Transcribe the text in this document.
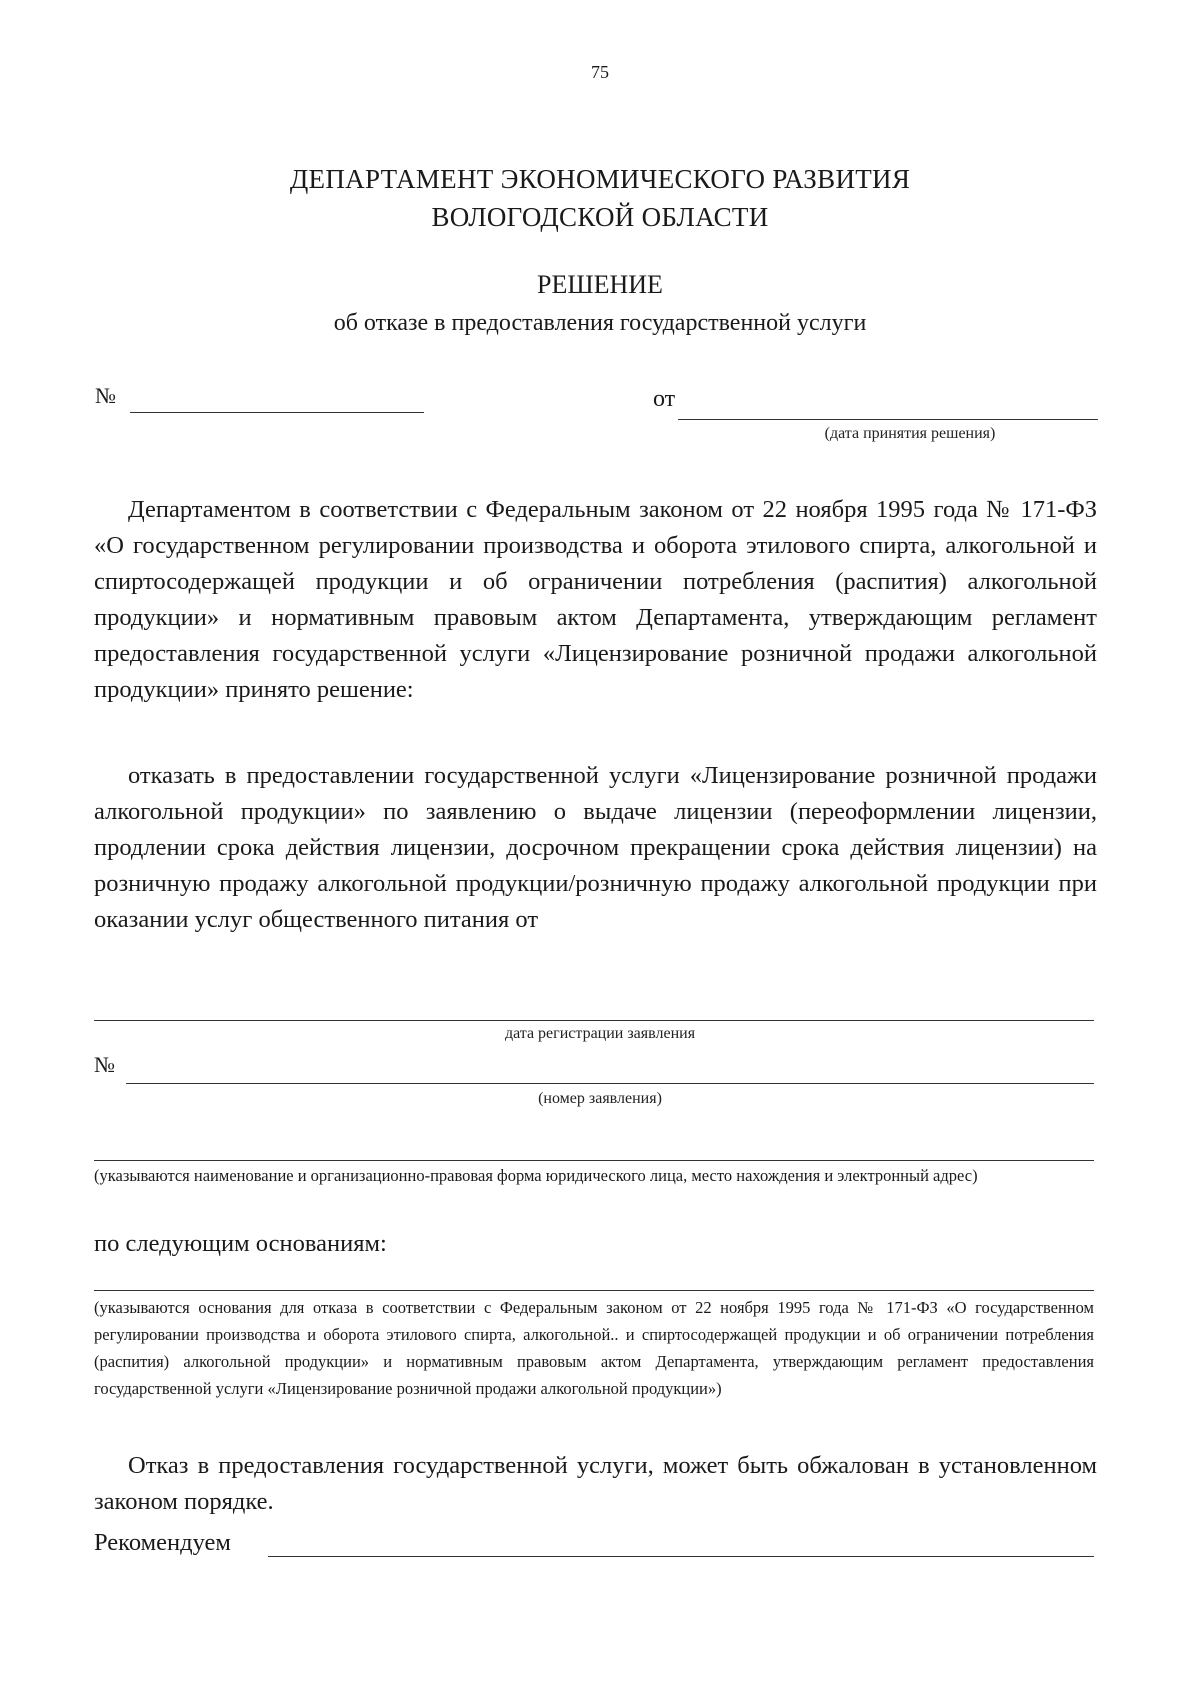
75
ДЕПАРТАМЕНТ ЭКОНОМИЧЕСКОГО РАЗВИТИЯ
ВОЛОГОДСКОЙ ОБЛАСТИ
РЕШЕНИЕ
об отказе в предоставления государственной услуги
№	от
(дата принятия решения)
Департаментом в соответствии с Федеральным законом от 22 ноября 1995 года № 171-ФЗ «О государственном регулировании производства и оборота этилового спирта, алкогольной и спиртосодержащей продукции и об ограничении потребления (распития) алкогольной продукции» и нормативным правовым актом Департамента, утверждающим регламент предоставления государственной услуги «Лицензирование розничной продажи алкогольной продукции» принято решение:
отказать в предоставлении государственной услуги «Лицензирование розничной продажи алкогольной продукции» по заявлению о выдаче лицензии (переоформлении лицензии, продлении срока действия лицензии, досрочном прекращении срока действия лицензии) на розничную продажу алкогольной продукции/розничную продажу алкогольной продукции при оказании услуг общественного питания от
дата регистрации заявления
№
(номер заявления)
(указываются наименование и организационно-правовая форма юридического лица, место нахождения и электронный адрес)
по следующим основаниям:
(указываются основания для отказа в соответствии с Федеральным законом от 22 ноября 1995 года № 171-ФЗ «О государственном регулировании производства и оборота этилового спирта, алкогольной.. и спиртосодержащей продукции и об ограничении потребления (распития) алкогольной продукции» и нормативным правовым актом Департамента, утверждающим регламент предоставления государственной услуги «Лицензирование розничной продажи алкогольной продукции»)
Отказ в предоставления государственной услуги, может быть обжалован в установленном законом порядке.
Рекомендуем
